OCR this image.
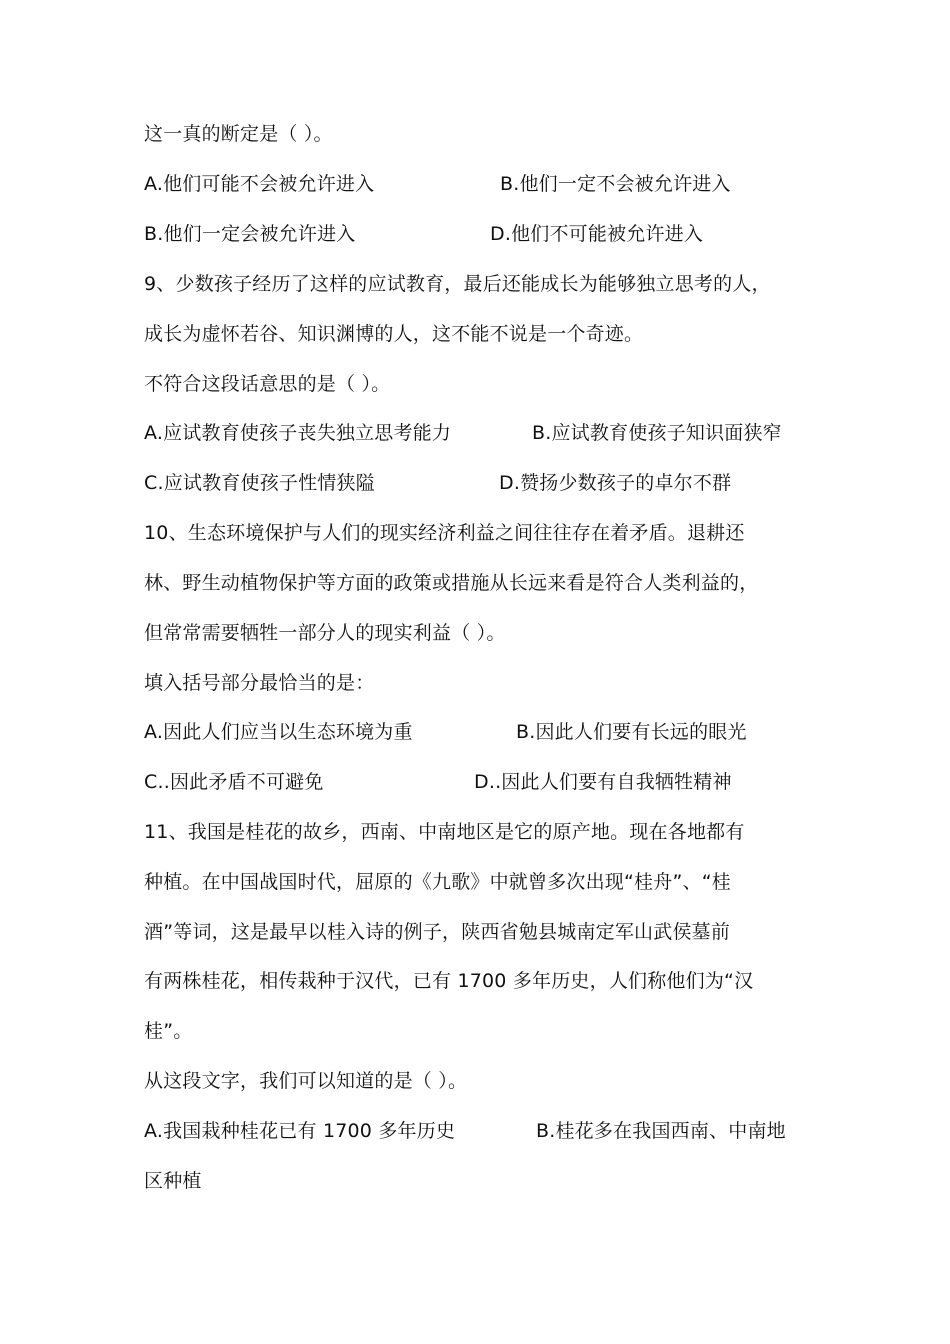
这一真的断定是（ ）。
A.他们可能不会被允许进入	B.他们一定不会被允许进入
B.他们一定会被允许进入	D.他们不可能被允许进入
9、少数孩子经历了这样的应试教育，最后还能成长为能够独立思考的人，
成长为虚怀若谷、知识渊博的人，这不能不说是一个奇迹。
不符合这段话意思的是（ ）。
A.应试教育使孩子丧失独立思考能力	B.应试教育使孩子知识面狭窄
C.应试教育使孩子性情狭隘	D.赞扬少数孩子的卓尔不群
10、生态环境保护与人们的现实经济利益之间往往存在着矛盾。退耕还
林、野生动植物保护等方面的政策或措施从长远来看是符合人类利益的，
但常常需要牺牲一部分人的现实利益（ ）。
填入括号部分最恰当的是：
A.因此人们应当以生态环境为重	B.因此人们要有长远的眼光
C..因此矛盾不可避免	D..因此人们要有自我牺牲精神
11、我国是桂花的故乡，西南、中南地区是它的原产地。现在各地都有
种植。在中国战国时代，屈原的《九歌》中就曾多次出现“桂舟”、“桂
酒”等词，这是最早以桂入诗的例子，陕西省勉县城南定军山武侯墓前
有两株桂花，相传栽种于汉代，已有 1700 多年历史，人们称他们为“汉
桂”。
从这段文字，我们可以知道的是（ ）。
A.我国栽种桂花已有 1700 多年历史	B.桂花多在我国西南、中南地
区种植
